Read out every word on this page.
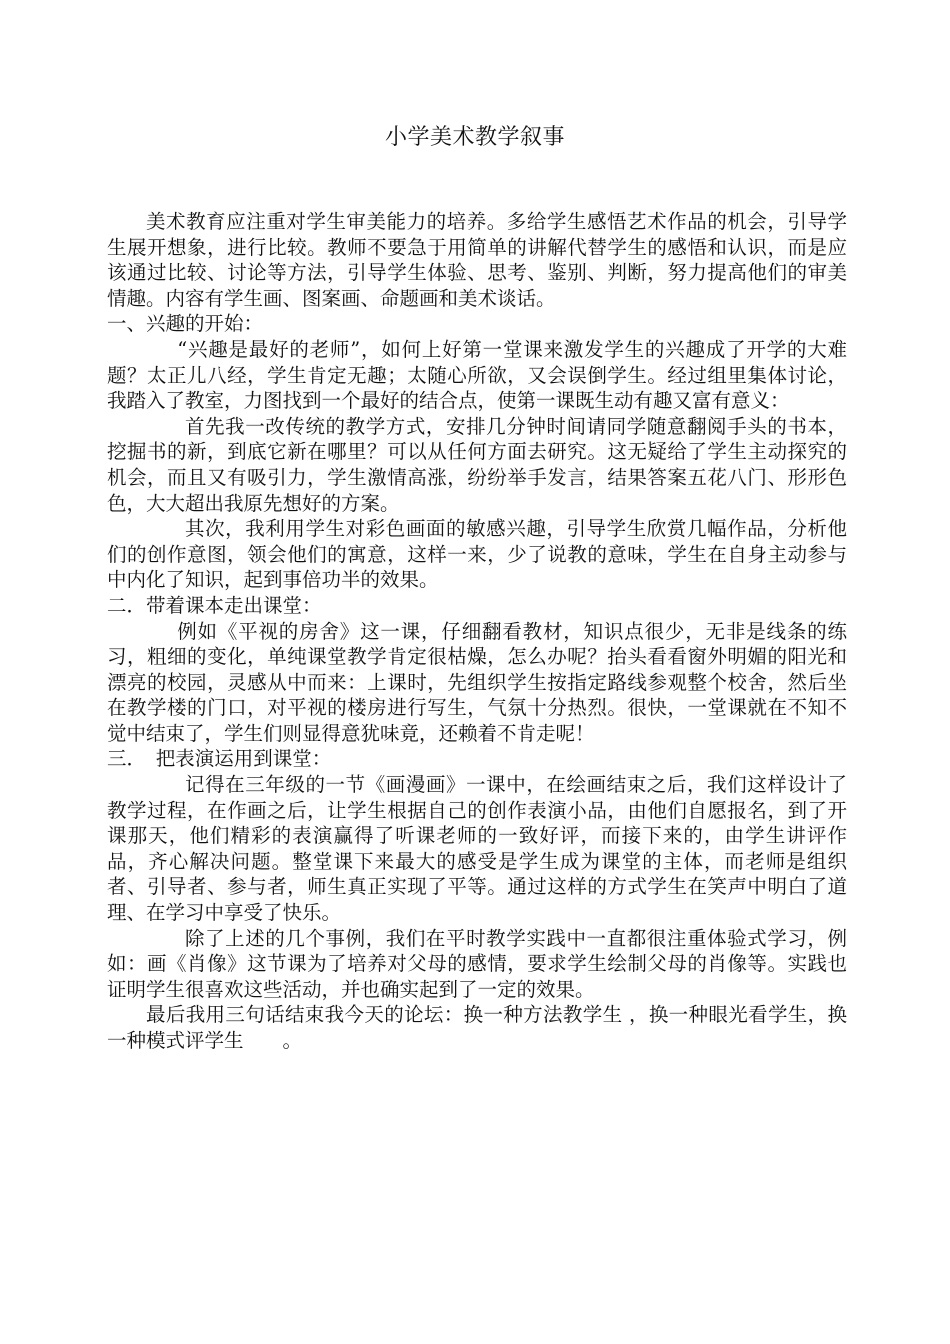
小学美术教学叙事

美术教育应注重对学生审美能力的培养。多给学生感悟艺术作品的机会，引导学生展开想象，进行比较。教师不要急于用简单的讲解代替学生的感悟和认识，而是应该通过比较、讨论等方法，引导学生体验、思考、鉴别、判断，努力提高他们的审美情趣。内容有学生画、图案画、命题画和美术谈话。

一、兴趣的开始：

“兴趣是最好的老师”，如何上好第一堂课来激发学生的兴趣成了开学的大难题？太正儿八经，学生肯定无趣；太随心所欲，又会误倒学生。经过组里集体讨论，我踏入了教室，力图找到一个最好的结合点，使第一课既生动有趣又富有意义：

首先我一改传统的教学方式，安排几分钟时间请同学随意翻阅手头的书本，挖掘书的新，到底它新在哪里？可以从任何方面去研究。这无疑给了学生主动探究的机会，而且又有吸引力，学生激情高涨，纷纷举手发言，结果答案五花八门、形形色色，大大超出我原先想好的方案。

其次，我利用学生对彩色画面的敏感兴趣，引导学生欣赏几幅作品，分析他们的创作意图，领会他们的寓意，这样一来，少了说教的意味，学生在自身主动参与中内化了知识，起到事倍功半的效果。

二．带着课本走出课堂：

例如《平视的房舍》这一课，仔细翻看教材，知识点很少，无非是线条的练习，粗细的变化，单纯课堂教学肯定很枯燥，怎么办呢？抬头看看窗外明媚的阳光和漂亮的校园，灵感从中而来：上课时，先组织学生按指定路线参观整个校舍，然后坐在教学楼的门口，对平视的楼房进行写生，气氛十分热烈。很快，一堂课就在不知不觉中结束了，学生们则显得意犹味竟，还赖着不肯走呢！

三．　把表演运用到课堂：

记得在三年级的一节《画漫画》一课中，在绘画结束之后，我们这样设计了教学过程，在作画之后，让学生根据自己的创作表演小品，由他们自愿报名，到了开课那天，他们精彩的表演赢得了听课老师的一致好评，而接下来的，由学生讲评作品，齐心解决问题。整堂课下来最大的感受是学生成为课堂的主体，而老师是组织者、引导者、参与者，师生真正实现了平等。通过这样的方式学生在笑声中明白了道理、在学习中享受了快乐。

除了上述的几个事例，我们在平时教学实践中一直都很注重体验式学习，例如：画《肖像》这节课为了培养对父母的感情，要求学生绘制父母的肖像等。实践也证明学生很喜欢这些活动，并也确实起到了一定的效果。

最后我用三句话结束我今天的论坛：换一种方法教学生 ，换一种眼光看学生，换一种模式评学生　　。
